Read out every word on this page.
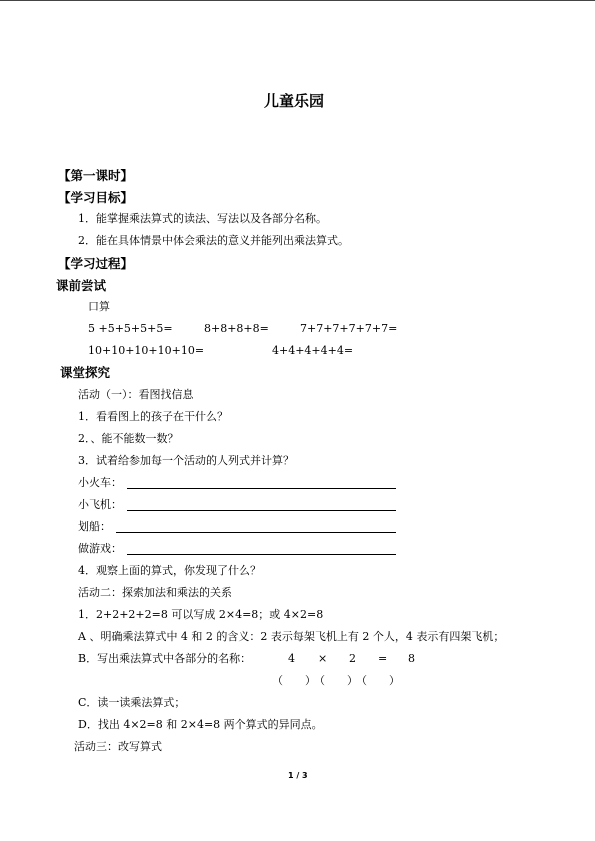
儿童乐园
【第一课时】
【学习目标】
1．能掌握乘法算式的读法、写法以及各部分名称。
2．能在具体情景中体会乘法的意义并能列出乘法算式。
【学习过程】
课前尝试
口算
5 +5+5+5+5=	8+8+8+8=	7+7+7+7+7+7=
10+10+10+10+10=	4+4+4+4+4=
课堂探究
活动（一）：看图找信息
1．看看图上的孩子在干什么？
2．、能不能数一数？
3．试着给参加每一个活动的人列式并计算？
小火车：
小飞机：
划船：
做游戏：
4．观察上面的算式，你发现了什么？
活动二：探索加法和乘法的关系
1．2+2+2+2=8 可以写成 2×4=8；或 4×2=8
A 、明确乘法算式中 4 和 2 的含义：2 表示每架飞机上有 2 个人，4 表示有四架飞机；
B．写出乘法算式中各部分的名称：	4 × 2 = 8
（　　）
（　　）
（　　）
C．读一读乘法算式；
D．找出 4×2=8 和 2×4=8 两个算式的异同点。
活动三：改写算式
1 / 3
